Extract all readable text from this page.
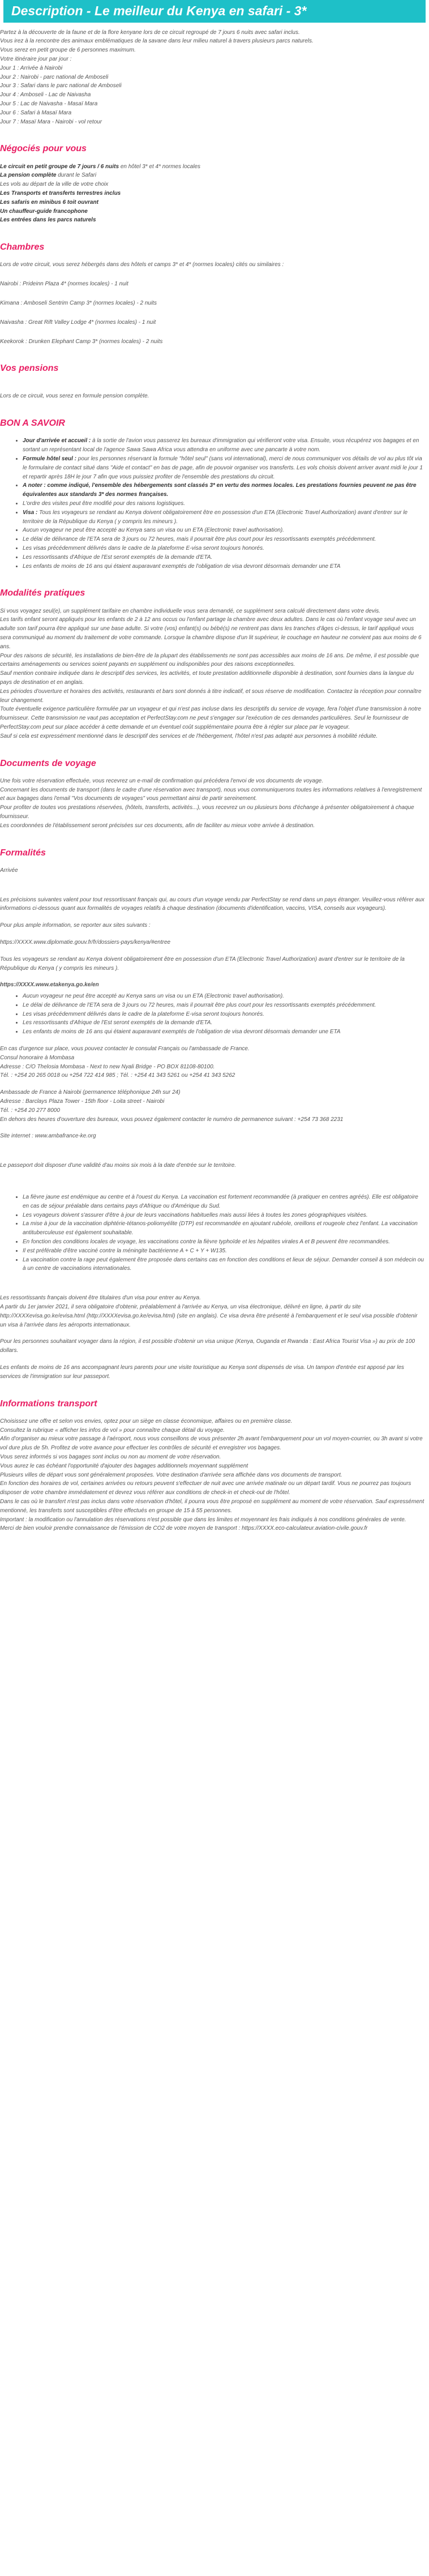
Description - Le meilleur du Kenya en safari - 3*
Partez à la découverte de la faune et de la flore kenyane lors de ce circuit regroupé de 7 jours 6 nuits avec safari inclus.
Vous irez à la rencontre des animaux emblématiques de la savane dans leur milieu naturel à travers plusieurs parcs naturels.
Vous serez en petit groupe de 6 personnes maximum.
Votre itinéraire jour par jour :
Jour 1 : Arrivée à Nairobi
Jour 2 : Nairobi - parc national de Amboseli
Jour 3 : Safari dans le parc national de Amboseli
Jour 4 : Amboseli - Lac de Naivasha
Jour 5 : Lac de Naivasha - Masaï Mara
Jour 6 : Safari à Masaï Mara
Jour 7 : Masaï Mara - Nairobi - vol retour
Négociés pour vous
Le circuit en petit groupe de 7 jours / 6 nuits en hôtel 3* et 4* normes locales
La pension complète durant le Safari
Les vols au départ de la ville de votre choix
Les Transports et transferts terrestres inclus
Les safaris en minibus 6 toit ouvrant
Un chauffeur-guide francophone
Les entrées dans les parcs naturels
Chambres
Lors de votre circuit, vous serez hébergés dans des hôtels et camps 3* et 4* (normes locales) cités ou similaires :
Nairobi : Prideinn Plaza 4* (normes locales) - 1 nuit
Kimana : Amboseli Sentrim Camp 3* (normes locales) - 2 nuits
Naivasha : Great Rift Valley Lodge 4* (normes locales) - 1 nuit
Keekorok : Drunken Elephant Camp 3* (normes locales) - 2 nuits
Vos pensions
Lors de ce circuit, vous serez en formule pension complète.
BON A SAVOIR
• Jour d'arrivée et accueil : à la sortie de l'avion vous passerez les bureaux d'immigration qui vérifieront votre visa. Ensuite, vous récupérez vos bagages et en sortant un représentant local de l'agence Sawa Sawa Africa vous attendra en uniforme avec une pancarte à votre nom.
• Formule hôtel seul : pour les personnes réservant la formule "hôtel seul" (sans vol international), merci de nous communiquer vos détails de vol au plus tôt via le formulaire de contact situé dans "Aide et contact" en bas de page, afin de pouvoir organiser vos transferts. Les vols choisis doivent arriver avant midi le jour 1 et repartir après 18H le jour 7 afin que vous puissiez profiter de l'ensemble des prestations du circuit.
• A noter : comme indiqué, l'ensemble des hébergements sont classés 3* en vertu des normes locales. Les prestations fournies peuvent ne pas être équivalentes aux standards 3* des normes françaises.
• L'ordre des visites peut être modifié pour des raisons logistiques.
• Visa : Tous les voyageurs se rendant au Kenya doivent obligatoirement être en possession d'un ETA (Electronic Travel Authorization) avant d'entrer sur le territoire de la République du Kenya ( y compris les mineurs ).
• Aucun voyageur ne peut être accepté au Kenya sans un visa ou un ETA (Electronic travel authorisation).
• Le délai de délivrance de l'ETA sera de 3 jours ou 72 heures, mais il pourrait être plus court pour les ressortissants exemptés précédemment.
• Les visas précédemment délivrés dans le cadre de la plateforme E-visa seront toujours honorés.
• Les ressortissants d'Afrique de l'Est seront exemptés de la demande d'ETA.
• Les enfants de moins de 16 ans qui étaient auparavant exemptés de l'obligation de visa devront désormais demander une ETA
Modalités pratiques
Si vous voyagez seul(e), un supplément tarifaire en chambre individuelle vous sera demandé, ce supplément sera calculé directement dans votre devis.
Les tarifs enfant seront appliqués pour les enfants de 2 à 12 ans occus ou l'enfant partage la chambre avec deux adultes. Dans le cas où l'enfant voyage seul avec un adulte son tarif pourra être appliqué sur une base adulte. Si votre (vos) enfant(s) ou bébé(s) ne rentrent pas dans les tranches d'âges ci-dessus, le tarif appliqué vous sera communiqué au moment du traitement de votre commande. Lorsque la chambre dispose d'un lit supérieur, le couchage en hauteur ne convient pas aux moins de 6 ans.
Pour des raisons de sécurité, les installations de bien-être de la plupart des établissements ne sont pas accessibles aux moins de 16 ans. De même, il est possible que certains aménagements ou services soient payants en supplément ou indisponibles pour des raisons exceptionnelles.
Sauf mention contraire indiquée dans le descriptif des services, les activités, et toute prestation additionnelle disponible à destination, sont fournies dans la langue du pays de destination et en anglais.
Les périodes d'ouverture et horaires des activités, restaurants et bars sont donnés à titre indicatif, et sous réserve de modification. Contactez la réception pour connaître leur changement.
Toute éventuelle exigence particulière formulée par un voyageur et qui n'est pas incluse dans les descriptifs du service de voyage, fera l'objet d'une transmission à notre fournisseur. Cette transmission ne vaut pas acceptation et PerfectStay.com ne peut s'engager sur l'exécution de ces demandes particulières. Seul le fournisseur de PerfectStay.com peut sur place accéder à cette demande et un éventuel coût supplémentaire pourra être à régler sur place par le voyageur.
Sauf si cela est expressément mentionné dans le descriptif des services et de l'hébergement, l'hôtel n'est pas adapté aux personnes à mobilité réduite.
Documents de voyage
Une fois votre réservation effectuée, vous recevrez un e-mail de confirmation qui précédera l'envoi de vos documents de voyage.
Concernant les documents de transport (dans le cadre d'une réservation avec transport), nous vous communiquerons toutes les informations relatives à l'enregistrement et aux bagages dans l'email "Vos documents de voyages" vous permettant ainsi de partir sereinement.
Pour profiter de toutes vos prestations réservées, (hôtels, transferts, activités...), vous recevrez un ou plusieurs bons d'échange à présenter obligatoirement à chaque fournisseur.
Les coordonnées de l'établissement seront précisées sur ces documents, afin de faciliter au mieux votre arrivée à destination.
Formalités
Arrivée
Les précisions suivantes valent pour tout ressortissant français qui, au cours d'un voyage vendu par PerfectStay se rend dans un pays étranger. Veuillez-vous référer aux informations ci-dessous quant aux formalités de voyages relatifs à chaque destination (documents d'identification, vaccins, VISA, conseils aux voyageurs).
Pour plus ample information, se reporter aux sites suivants :
https://XXXX.www.diplomatie.gouv.fr/fr/dossiers-pays/kenya/#entree
Tous les voyageurs se rendant au Kenya doivent obligatoirement être en possession d'un ETA (Electronic Travel Authorization) avant d'entrer sur le territoire de la République du Kenya ( y compris les mineurs ).
https://XXXX.www.etakenya.go.ke/en
• Aucun voyageur ne peut être accepté au Kenya sans un visa ou un ETA (Electronic travel authorisation).
• Le délai de délivrance de l'ETA sera de 3 jours ou 72 heures, mais il pourrait être plus court pour les ressortissants exemptés précédemment.
• Les visas précédemment délivrés dans le cadre de la plateforme E-visa seront toujours honorés.
• Les ressortissants d'Afrique de l'Est seront exemptés de la demande d'ETA.
• Les enfants de moins de 16 ans qui étaient auparavant exemptés de l'obligation de visa devront désormais demander une ETA
En cas d'urgence sur place, vous pouvez contacter le consulat Français ou l'ambassade de France.
Consul honoraire à Mombasa
Adresse : C/O Thelosia Mombasa - Next to new Nyali Bridge - PO BOX 81108-80100.
Tél. : +254 20 265 0018 ou +254 722 414 985 ; Tél. : +254 41 343 5261 ou +254 41 343 5262
Ambassade de France à Nairobi (permanence téléphonique 24h sur 24)
Adresse : Barclays Plaza Tower - 15th floor - Loita street - Nairobi
Tél. : +254 20 277 8000
En dehors des heures d'ouverture des bureaux, vous pouvez également contacter le numéro de permanence suivant : +254 73 368 2231
Site internet : www.ambafrance-ke.org
Le passeport doit disposer d'une validité d'au moins six mois à la date d'entrée sur le territoire.
• La fièvre jaune est endémique au centre et à l'ouest du Kenya. La vaccination est fortement recommandée (à pratiquer en centres agréés). Elle est obligatoire en cas de séjour préalable dans certains pays d'Afrique ou d'Amérique du Sud.
• Les voyageurs doivent s'assurer d'être à jour de leurs vaccinations habituelles mais aussi liées à toutes les zones géographiques visitées.
• La mise à jour de la vaccination diphtérie-tétanos-poliomyélite (DTP) est recommandée en ajoutant rubéole, oreillons et rougeole chez l'enfant. La vaccination antituberculeuse est également souhaitable.
• En fonction des conditions locales de voyage, les vaccinations contre la fièvre typhoïde et les hépatites virales A et B peuvent être recommandées.
• Il est préférable d'être vacciné contre la méningite bactérienne A + C + Y + W135.
• La vaccination contre la rage peut également être proposée dans certains cas en fonction des conditions et lieux de séjour. Demander conseil à son médecin ou à un centre de vaccinations internationales.
Les ressortissants français doivent être titulaires d'un visa pour entrer au Kenya.
A partir du 1er janvier 2021, il sera obligatoire d'obtenir, préalablement à l'arrivée au Kenya, un visa électronique, délivré en ligne, à partir du site http://XXXXevisa.go.ke/evisa.html (http://XXXXevisa.go.ke/evisa.html) (site en anglais). Ce visa devra être présenté à l'embarquement et le seul visa possible d'obtenir un visa à l'arrivée dans les aéroports internationaux.
Pour les personnes souhaitant voyager dans la région, il est possible d'obtenir un visa unique (Kenya, Ouganda et Rwanda : East Africa Tourist Visa ») au prix de 100 dollars.
Les enfants de moins de 16 ans accompagnant leurs parents pour une visite touristique au Kenya sont dispensés de visa. Un tampon d'entrée est apposé par les services de l'immigration sur leur passeport.
Informations transport
Choisissez une offre et selon vos envies, optez pour un siège en classe économique, affaires ou en première classe.
Consultez la rubrique « afficher les infos de vol » pour connaître chaque détail du voyage.
Afin d'organiser au mieux votre passage à l'aéroport, nous vous conseillons de vous présenter 2h avant l'embarquement pour un vol moyen-courrier, ou 3h avant si votre vol dure plus de 5h. Profitez de votre avance pour effectuer les contrôles de sécurité et enregistrer vos bagages.
Vous serez informés si vos bagages sont inclus ou non au moment de votre réservation.
Vous aurez le cas échéant l'opportunité d'ajouter des bagages additionnels moyennant supplément
Plusieurs villes de départ vous sont généralement proposées. Votre destination d'arrivée sera affichée dans vos documents de transport.
En fonction des horaires de vol, certaines arrivées ou retours peuvent s'effectuer de nuit avec une arrivée matinale ou un départ tardif. Vous ne pourrez pas toujours disposer de votre chambre immédiatement et devrez vous référer aux conditions de check-in et check-out de l'hôtel.
Dans le cas où le transfert n'est pas inclus dans votre réservation d'hôtel, il pourra vous être proposé en supplément au moment de votre réservation. Sauf expressément mentionné, les transferts sont susceptibles d'être effectués en groupe de 15 à 55 personnes.
Important : la modification ou l'annulation des réservations n'est possible que dans les limites et moyennant les frais indiqués à nos conditions générales de vente.
Merci de bien vouloir prendre connaissance de l'émission de CO2 de votre moyen de transport : https://XXXX.eco-calculateur.aviation-civile.gouv.fr
